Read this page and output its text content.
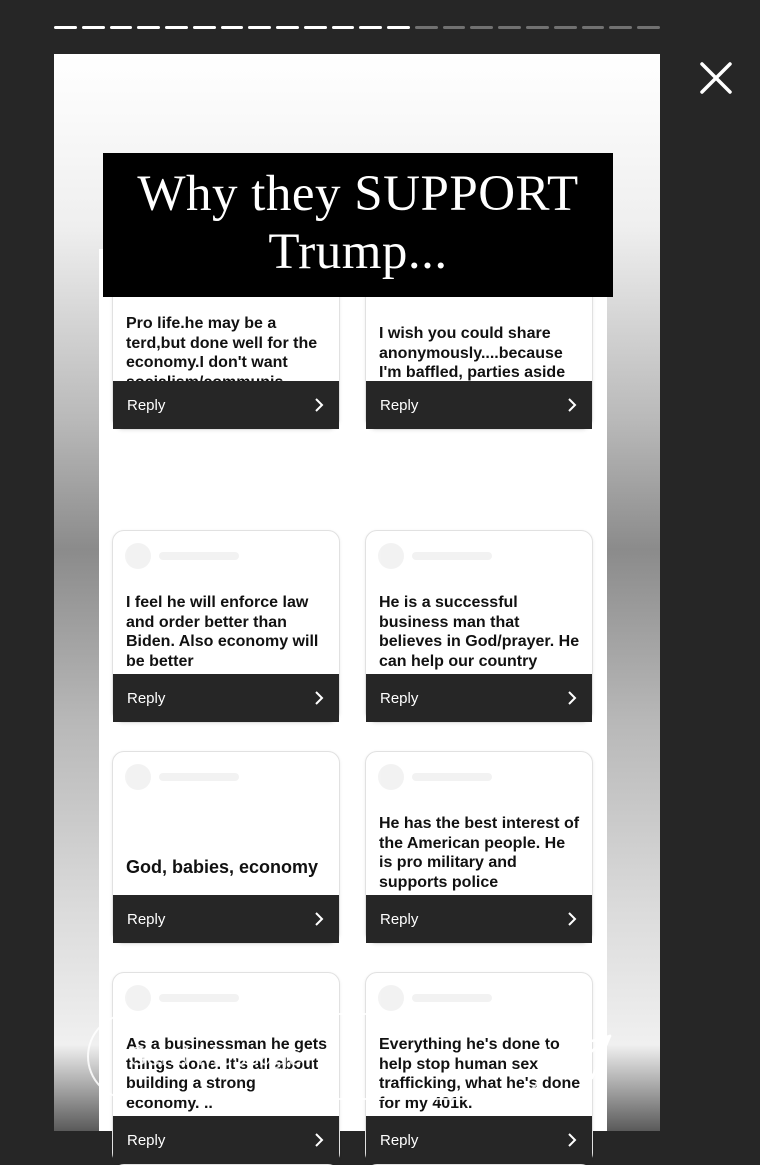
Pro life.he may be a terd,but done well for the economy.I don't want
Reply
I wish you could share anonymously....because I'm baffled, parties aside
Reply
I feel he will enforce law and order better than Biden. Also economy will be better
Reply
He is a successful business man that believes in God/prayer. He can help our country
Reply
God, babies, economy
Reply
He has the best interest of the American people. He is pro military and supports police
Reply
As a businessman he gets things done. It's all about building a strong economy. ..
Reply
Everything he's done to help stop human sex trafficking, what he's done for my 401k.
Reply
Why they SUPPORT Trump...
Send Message
